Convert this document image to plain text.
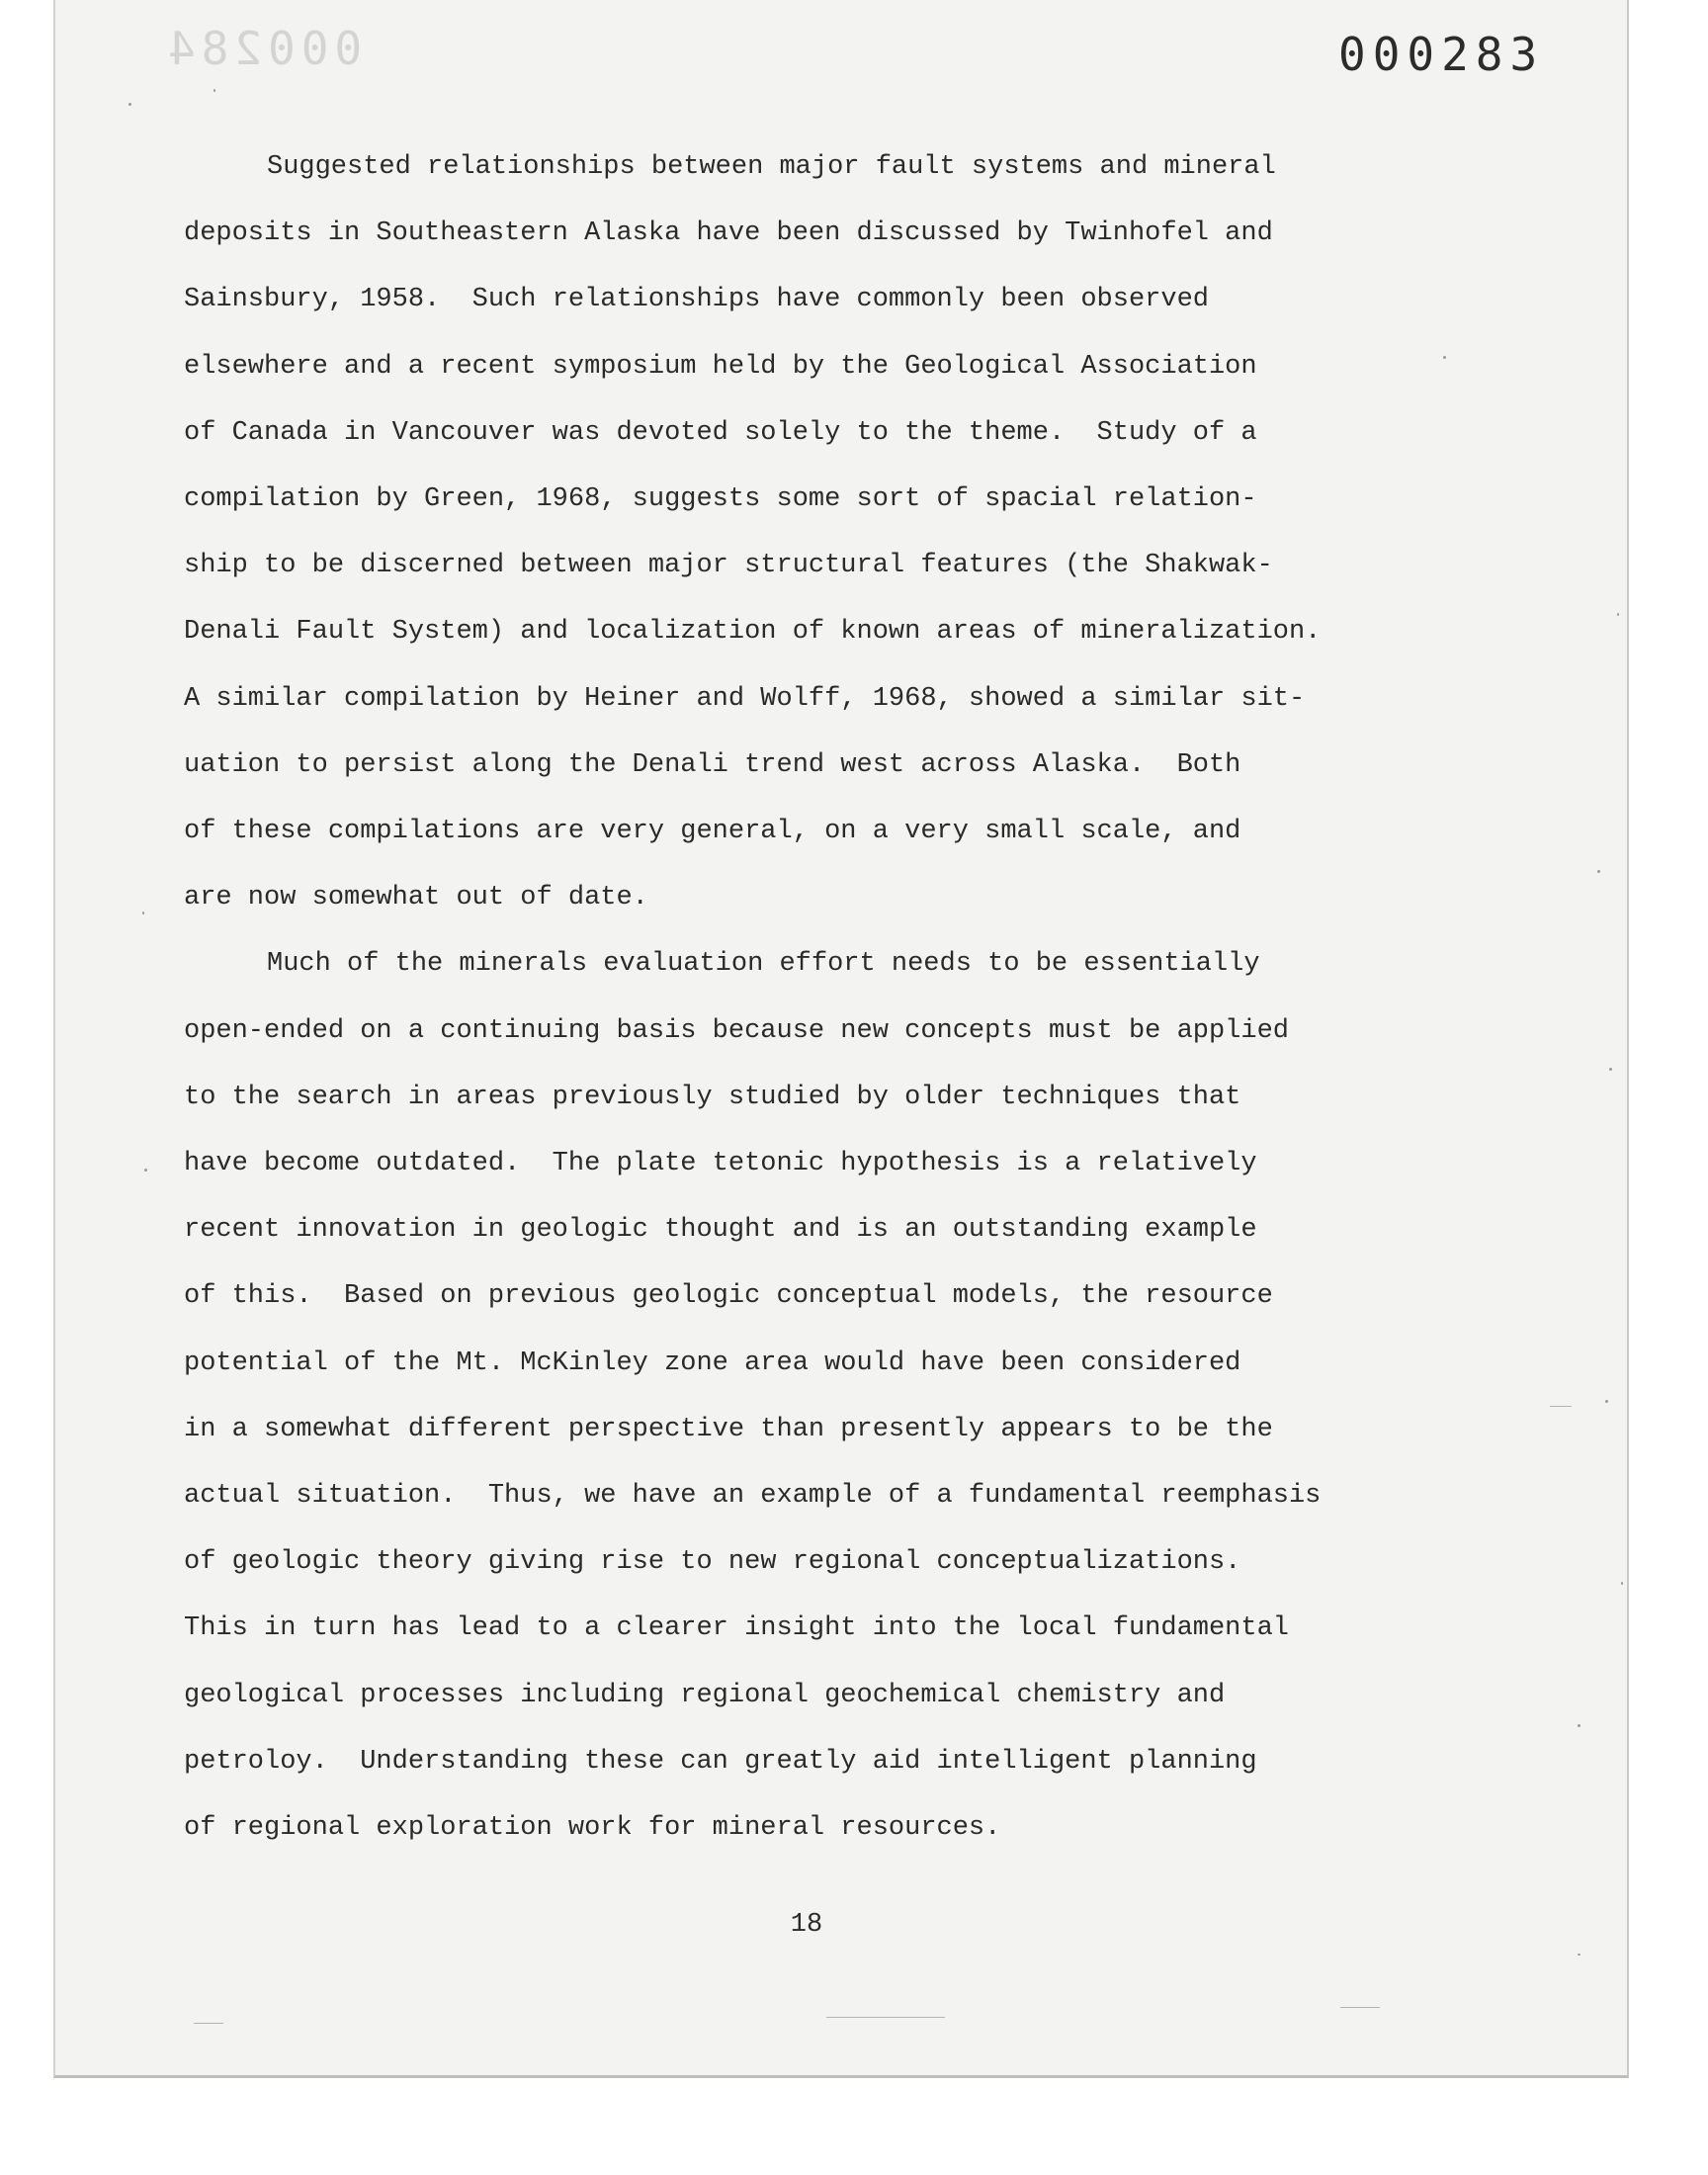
000284	000283
Suggested relationships between major fault systems and mineral
deposits in Southeastern Alaska have been discussed by Twinhofel and
Sainsbury, 1958.  Such relationships have commonly been observed
elsewhere and a recent symposium held by the Geological Association
of Canada in Vancouver was devoted solely to the theme.  Study of a
compilation by Green, 1968, suggests some sort of spacial relation-
ship to be discerned between major structural features (the Shakwak-
Denali Fault System) and localization of known areas of mineralization.
A similar compilation by Heiner and Wolff, 1968, showed a similar sit-
uation to persist along the Denali trend west across Alaska.  Both
of these compilations are very general, on a very small scale, and
are now somewhat out of date.
Much of the minerals evaluation effort needs to be essentially
open-ended on a continuing basis because new concepts must be applied
to the search in areas previously studied by older techniques that
have become outdated.  The plate tetonic hypothesis is a relatively
recent innovation in geologic thought and is an outstanding example
of this.  Based on previous geologic conceptual models, the resource
potential of the Mt. McKinley zone area would have been considered
in a somewhat different perspective than presently appears to be the
actual situation.  Thus, we have an example of a fundamental reemphasis
of geologic theory giving rise to new regional conceptualizations.
This in turn has lead to a clearer insight into the local fundamental
geological processes including regional geochemical chemistry and
petroloy.  Understanding these can greatly aid intelligent planning
of regional exploration work for mineral resources.
18
